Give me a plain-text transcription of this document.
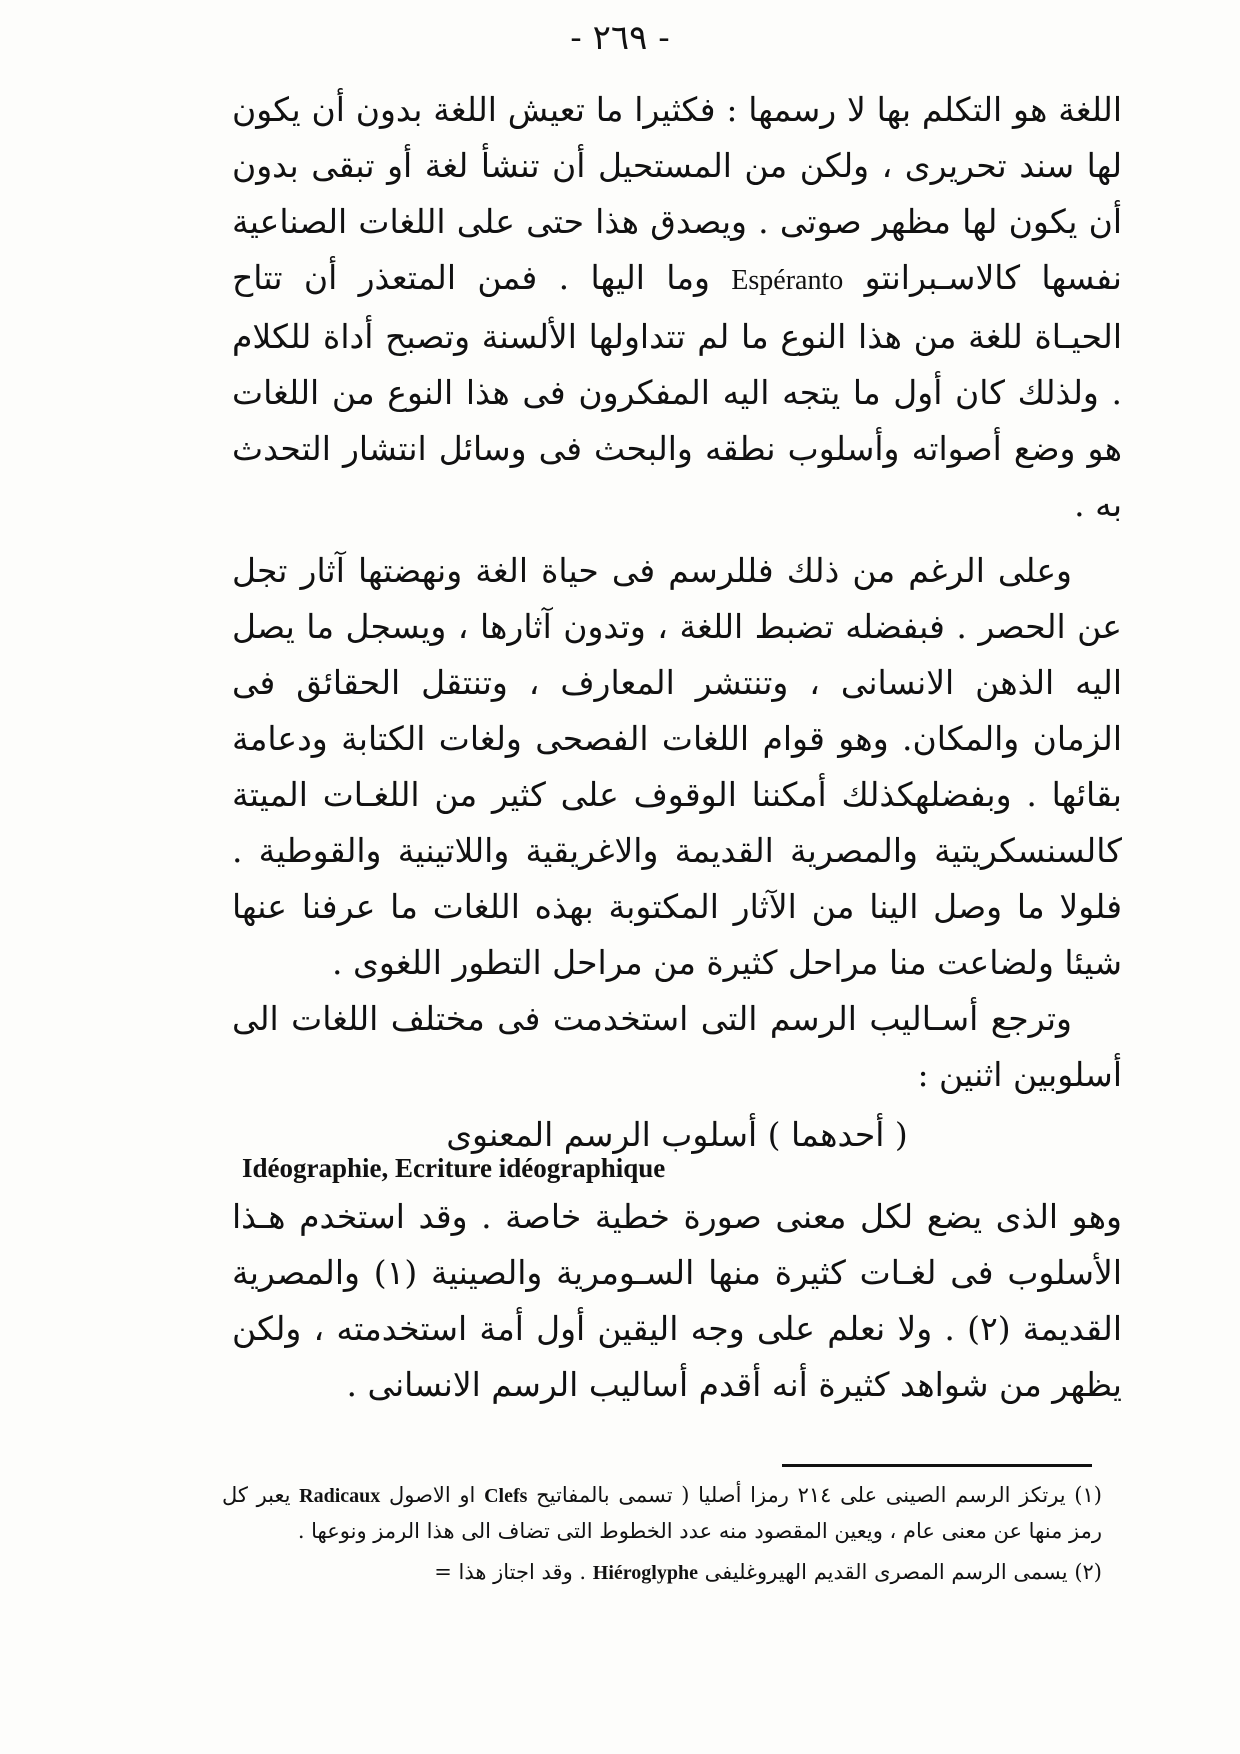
- ٢٦٩ -

اللغة هو التكلم بها لا رسمها : فكثيرا ما تعيش اللغة بدون أن يكون لها سند تحريرى ، ولكن من المستحيل أن تنشأ لغة أو تبقى بدون أن يكون لها مظهر صوتى . ويصدق هذا حتى على اللغات الصناعية نفسها كالاسـبرانتو Espéranto وما اليها . فمن المتعذر أن تتاح الحيـاة للغة من هذا النوع ما لم تتداولها الألسنة وتصبح أداة للكلام . ولذلك كان أول ما يتجه اليه المفكرون فى هذا النوع من اللغات هو وضع أصواته وأسلوب نطقه والبحث فى وسائل انتشار التحدث به .

وعلى الرغم من ذلك فللرسم فى حياة الغة ونهضتها آثار تجل عن الحصر . فبفضله تضبط اللغة ، وتدون آثارها ، ويسجل ما يصل اليه الذهن الانسانى ، وتنتشر المعارف ، وتنتقل الحقائق فى الزمان والمكان. وهو قوام اللغات الفصحى ولغات الكتابة ودعامة بقائها . وبفضلهكذلك أمكننا الوقوف على كثير من اللغـات الميتة كالسنسكريتية والمصرية القديمة والاغريقية واللاتينية والقوطية . فلولا ما وصل الينا من الآثار المكتوبة بهذه اللغات ما عرفنا عنها شيئا ولضاعت منا مراحل كثيرة من مراحل التطور اللغوى .

وترجع أسـاليب الرسم التى استخدمت فى مختلف اللغات الى أسلوبين اثنين :

( أحدهما ) أسلوب الرسم المعنوى

Idéographie, Ecriture idéographique

وهو الذى يضع لكل معنى صورة خطية خاصة . وقد استخدم هـذا الأسلوب فى لغـات كثيرة منها السـومرية والصينية (١) والمصرية القديمة (٢) . ولا نعلم على وجه اليقين أول أمة استخدمته ، ولكن يظهر من شواهد كثيرة أنه أقدم أساليب الرسم الانسانى .

(١) يرتكز الرسم الصينى على ٢١٤ رمزا أصليا ( تسمى بالمفاتيح Clefs او الاصول Radicaux يعبر كل رمز منها عن معنى عام ، ويعين المقصود منه عدد الخطوط التى تضاف الى هذا الرمز ونوعها .

(٢) يسمى الرسم المصرى القديم الهيروغليفى Hiéroglyphe . وقد اجتاز هذا =
